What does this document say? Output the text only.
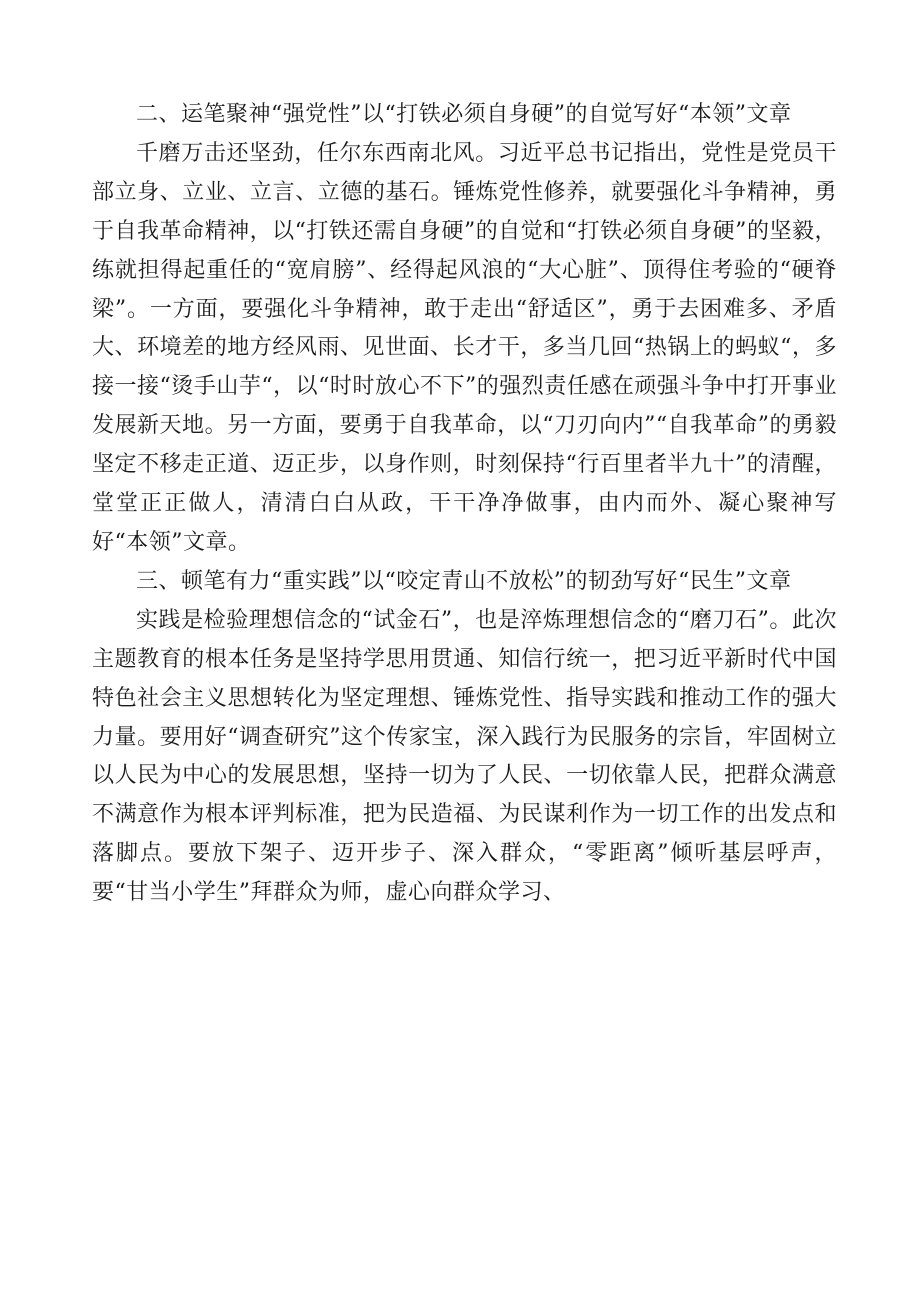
二、运笔聚神“强党性”以“打铁必须自身硬”的自觉写好“本领”文章

千磨万击还坚劲，任尔东西南北风。习近平总书记指出，党性是党员干部立身、立业、立言、立德的基石。锤炼党性修养，就要强化斗争精神，勇于自我革命精神，以“打铁还需自身硬”的自觉和“打铁必须自身硬”的坚毅，练就担得起重任的“宽肩膀”、经得起风浪的“大心脏”、顶得住考验的“硬脊梁”。一方面，要强化斗争精神，敢于走出“舒适区”，勇于去困难多、矛盾大、环境差的地方经风雨、见世面、长才干，多当几回“热锅上的蚂蚁“，多接一接“烫手山芋“，以“时时放心不下”的强烈责任感在顽强斗争中打开事业发展新天地。另一方面，要勇于自我革命，以“刀刃向内”“自我革命”的勇毅坚定不移走正道、迈正步，以身作则，时刻保持“行百里者半九十”的清醒，堂堂正正做人，清清白白从政，干干净净做事，由内而外、凝心聚神写好“本领”文章。

三、顿笔有力“重实践”以“咬定青山不放松”的韧劲写好“民生”文章

实践是检验理想信念的“试金石”，也是淬炼理想信念的“磨刀石”。此次主题教育的根本任务是坚持学思用贯通、知信行统一，把习近平新时代中国特色社会主义思想转化为坚定理想、锤炼党性、指导实践和推动工作的强大力量。要用好“调查研究”这个传家宝，深入践行为民服务的宗旨，牢固树立以人民为中心的发展思想，坚持一切为了人民、一切依靠人民，把群众满意不满意作为根本评判标准，把为民造福、为民谋利作为一切工作的出发点和落脚点。要放下架子、迈开步子、深入群众，“零距离”倾听基层呼声，要“甘当小学生”拜群众为师，虚心向群众学习、
